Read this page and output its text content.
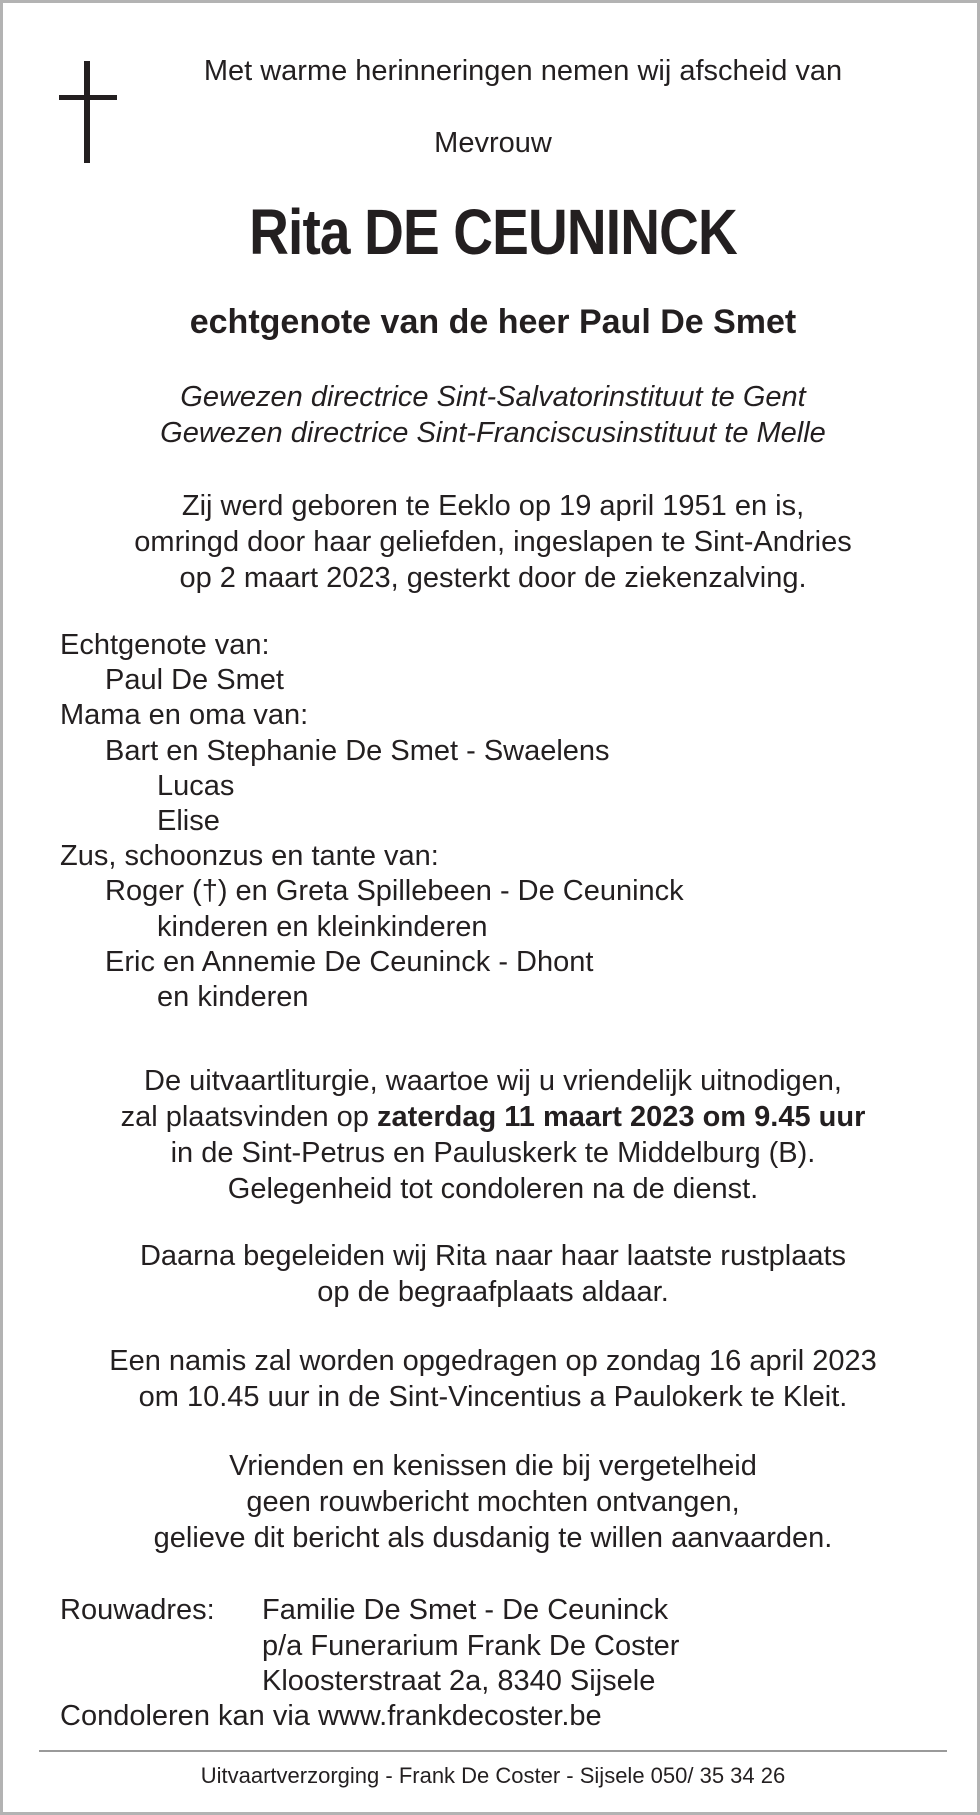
Met warme herinneringen nemen wij afscheid van
Mevrouw
Rita DE CEUNINCK
echtgenote van de heer Paul De Smet
Gewezen directrice Sint-Salvatorinstituut te Gent
Gewezen directrice Sint-Franciscusinstituut te Melle
Zij werd geboren te Eeklo op 19 april 1951 en is,
omringd door haar geliefden, ingeslapen te Sint-Andries
op 2 maart 2023, gesterkt door de ziekenzalving.
Echtgenote van:
Paul De Smet
Mama en oma van:
Bart en Stephanie De Smet - Swaelens
Lucas
Elise
Zus, schoonzus en tante van:
Roger (†) en Greta Spillebeen - De Ceuninck
kinderen en kleinkinderen
Eric en Annemie De Ceuninck - Dhont
en kinderen
De uitvaartliturgie, waartoe wij u vriendelijk uitnodigen,
zal plaatsvinden op zaterdag 11 maart 2023 om 9.45 uur
in de Sint-Petrus en Pauluskerk te Middelburg (B).
Gelegenheid tot condoleren na de dienst.
Daarna begeleiden wij Rita naar haar laatste rustplaats
op de begraafplaats aldaar.
Een namis zal worden opgedragen op zondag 16 april 2023
om 10.45 uur in de Sint-Vincentius a Paulokerk te Kleit.
Vrienden en kenissen die bij vergetelheid
geen rouwbericht mochten ontvangen,
gelieve dit bericht als dusdanig te willen aanvaarden.
Rouwadres:	Familie De Smet - De Ceuninck
p/a Funerarium Frank De Coster
Kloosterstraat 2a, 8340 Sijsele
Condoleren kan via www.frankdecoster.be
Uitvaartverzorging - Frank De Coster - Sijsele 050/ 35 34 26
